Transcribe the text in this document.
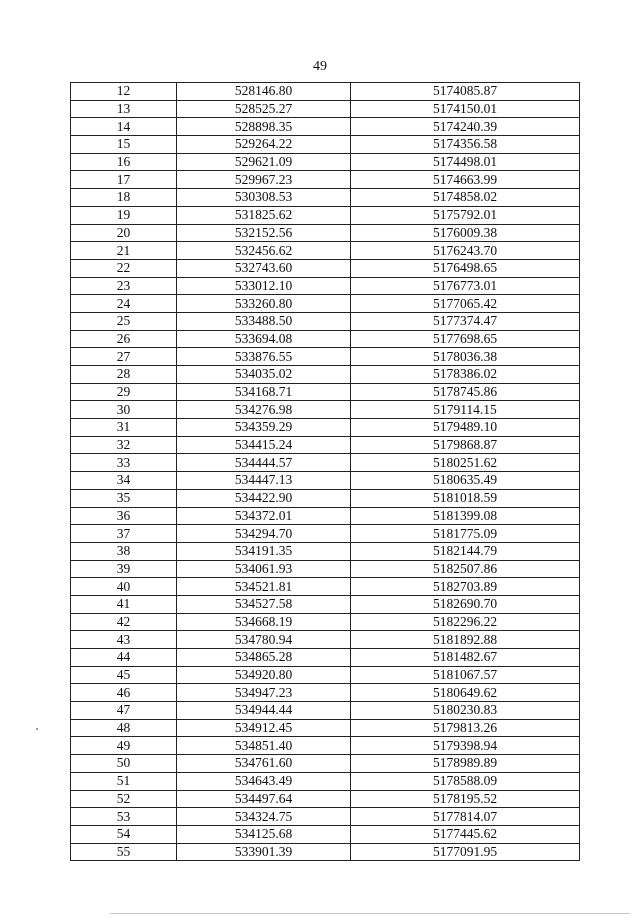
49
12	528146.80	5174085.87
13	528525.27	5174150.01
14	528898.35	5174240.39
15	529264.22	5174356.58
16	529621.09	5174498.01
17	529967.23	5174663.99
18	530308.53	5174858.02
19	531825.62	5175792.01
20	532152.56	5176009.38
21	532456.62	5176243.70
22	532743.60	5176498.65
23	533012.10	5176773.01
24	533260.80	5177065.42
25	533488.50	5177374.47
26	533694.08	5177698.65
27	533876.55	5178036.38
28	534035.02	5178386.02
29	534168.71	5178745.86
30	534276.98	5179114.15
31	534359.29	5179489.10
32	534415.24	5179868.87
33	534444.57	5180251.62
34	534447.13	5180635.49
35	534422.90	5181018.59
36	534372.01	5181399.08
37	534294.70	5181775.09
38	534191.35	5182144.79
39	534061.93	5182507.86
40	534521.81	5182703.89
41	534527.58	5182690.70
42	534668.19	5182296.22
43	534780.94	5181892.88
44	534865.28	5181482.67
45	534920.80	5181067.57
46	534947.23	5180649.62
47	534944.44	5180230.83
48	534912.45	5179813.26
49	534851.40	5179398.94
50	534761.60	5178989.89
51	534643.49	5178588.09
52	534497.64	5178195.52
53	534324.75	5177814.07
54	534125.68	5177445.62
55	533901.39	5177091.95
